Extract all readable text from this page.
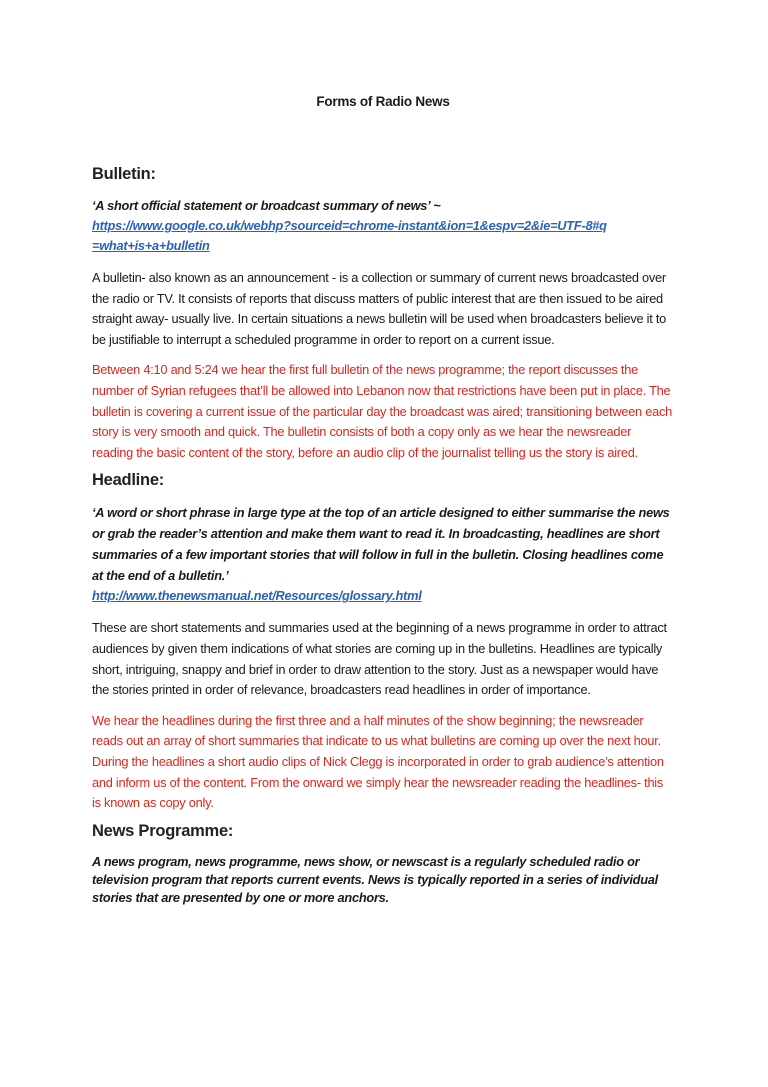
Forms of Radio News
Bulletin:
‘A short official statement or broadcast summary of news’ ~
https://www.google.co.uk/webhp?sourceid=chrome-instant&ion=1&espv=2&ie=UTF-8#q=what+is+a+bulletin

A bulletin- also known as an announcement - is a collection or summary of current news broadcasted over the radio or TV. It consists of reports that discuss matters of public interest that are then issued to be aired straight away- usually live. In certain situations a news bulletin will be used when broadcasters believe it to be justifiable to interrupt a scheduled programme in order to report on a current issue.

Between 4:10 and 5:24 we hear the first full bulletin of the news programme; the report discusses the number of Syrian refugees that’ll be allowed into Lebanon now that restrictions have been put in place. The bulletin is covering a current issue of the particular day the broadcast was aired; transitioning between each story is very smooth and quick. The bulletin consists of both a copy only as we hear the newsreader reading the basic content of the story, before an audio clip of the journalist telling us the story is aired.

Headline:
‘A word or short phrase in large type at the top of an article designed to either summarise the news or grab the reader’s attention and make them want to read it. In broadcasting, headlines are short summaries of a few important stories that will follow in full in the bulletin. Closing headlines come at the end of a bulletin.’
http://www.thenewsmanual.net/Resources/glossary.html

These are short statements and summaries used at the beginning of a news programme in order to attract audiences by given them indications of what stories are coming up in the bulletins. Headlines are typically short, intriguing, snappy and brief in order to draw attention to the story. Just as a newspaper would have the stories printed in order of relevance, broadcasters read headlines in order of importance.

We hear the headlines during the first three and a half minutes of the show beginning; the newsreader reads out an array of short summaries that indicate to us what bulletins are coming up over the next hour. During the headlines a short audio clips of Nick Clegg is incorporated in order to grab audience’s attention and inform us of the content. From the onward we simply hear the newsreader reading the headlines- this is known as copy only.

News Programme:
A news program, news programme, news show, or newscast is a regularly scheduled radio or television program that reports current events. News is typically reported in a series of individual stories that are presented by one or more anchors.
